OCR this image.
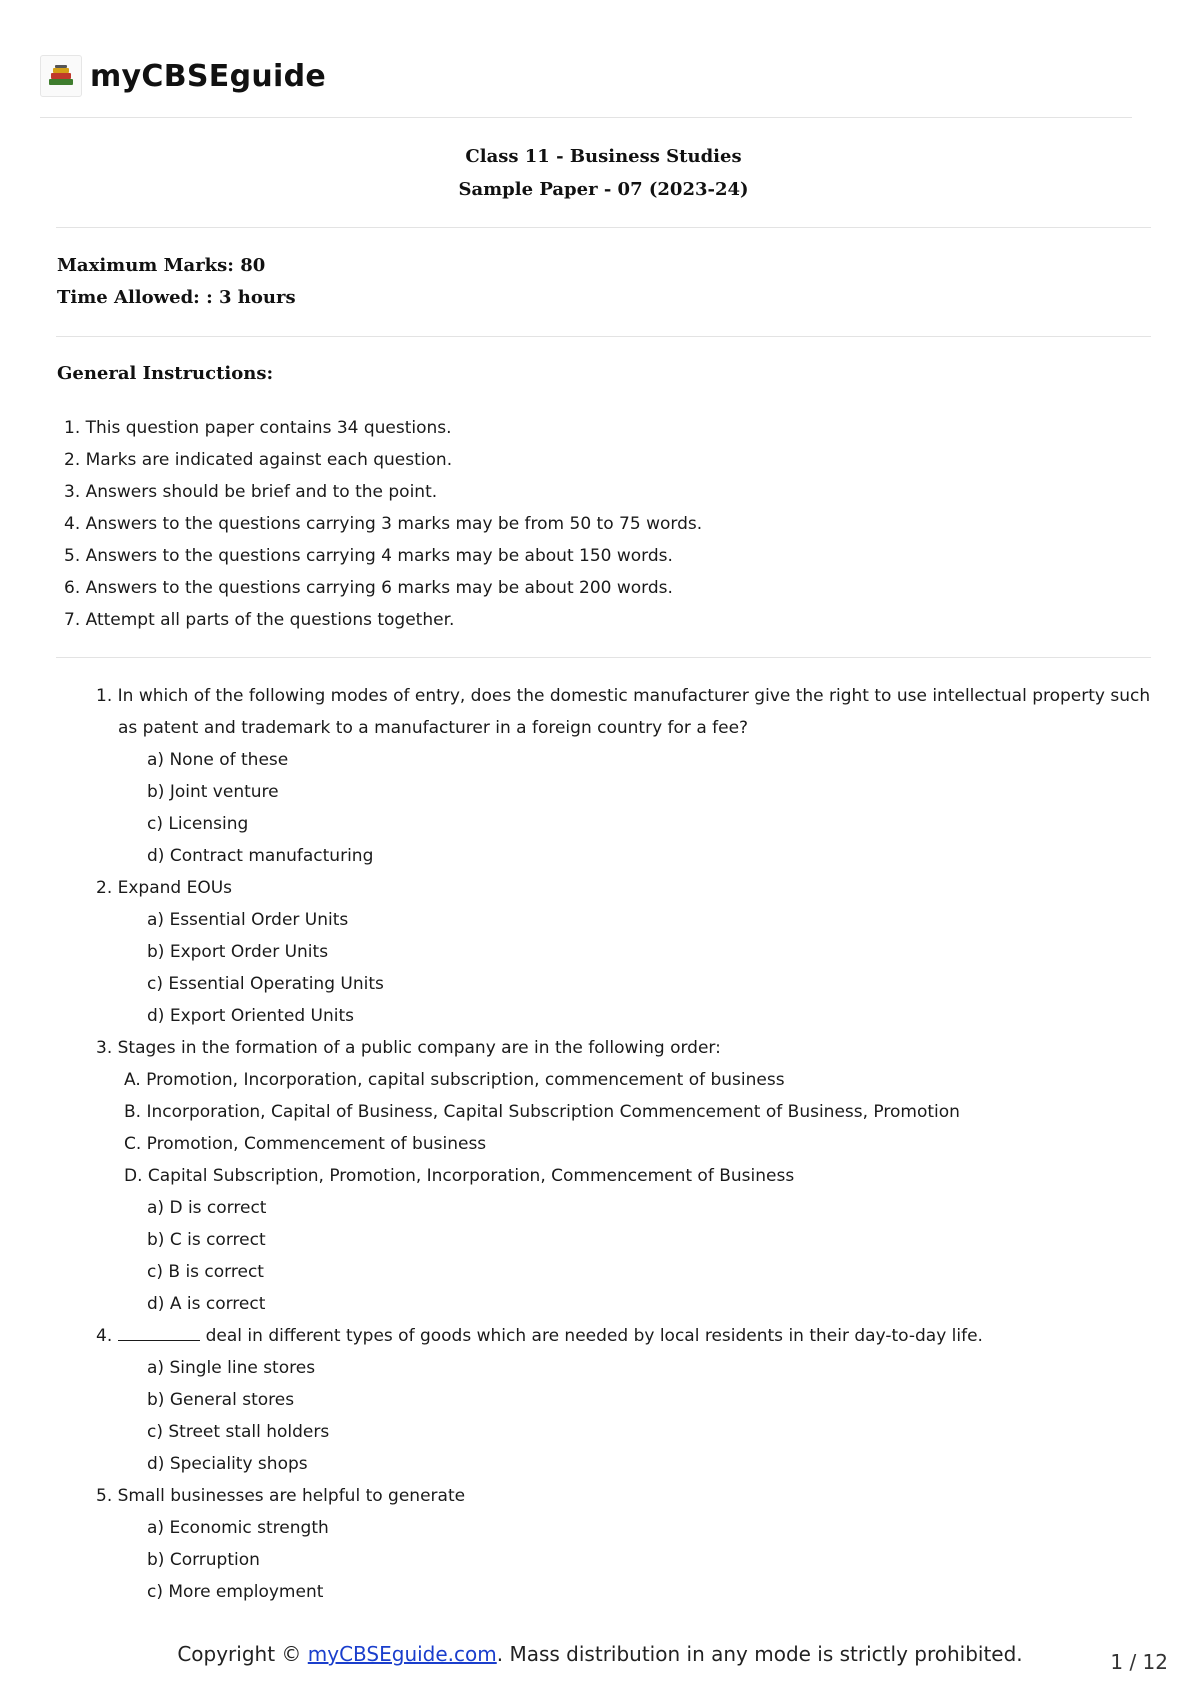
myCBSEguide
Class 11 - Business Studies
Sample Paper - 07 (2023-24)
Maximum Marks: 80
Time Allowed: : 3 hours
General Instructions:
1. This question paper contains 34 questions.
2. Marks are indicated against each question.
3. Answers should be brief and to the point.
4. Answers to the questions carrying 3 marks may be from 50 to 75 words.
5. Answers to the questions carrying 4 marks may be about 150 words.
6. Answers to the questions carrying 6 marks may be about 200 words.
7. Attempt all parts of the questions together.
1. In which of the following modes of entry, does the domestic manufacturer give the right to use intellectual property such
as patent and trademark to a manufacturer in a foreign country for a fee?
a) None of these
b) Joint venture
c) Licensing
d) Contract manufacturing
2. Expand EOUs
a) Essential Order Units
b) Export Order Units
c) Essential Operating Units
d) Export Oriented Units
3. Stages in the formation of a public company are in the following order:
A. Promotion, Incorporation, capital subscription, commencement of business
B. Incorporation, Capital of Business, Capital Subscription Commencement of Business, Promotion
C. Promotion, Commencement of business
D. Capital Subscription, Promotion, Incorporation, Commencement of Business
a) D is correct
b) C is correct
c) B is correct
d) A is correct
4.	deal in different types of goods which are needed by local residents in their day-to-day life.
a) Single line stores
b) General stores
c) Street stall holders
d) Speciality shops
5. Small businesses are helpful to generate
a) Economic strength
b) Corruption
c) More employment
Copyright © myCBSEguide.com. Mass distribution in any mode is strictly prohibited.	1 / 12
